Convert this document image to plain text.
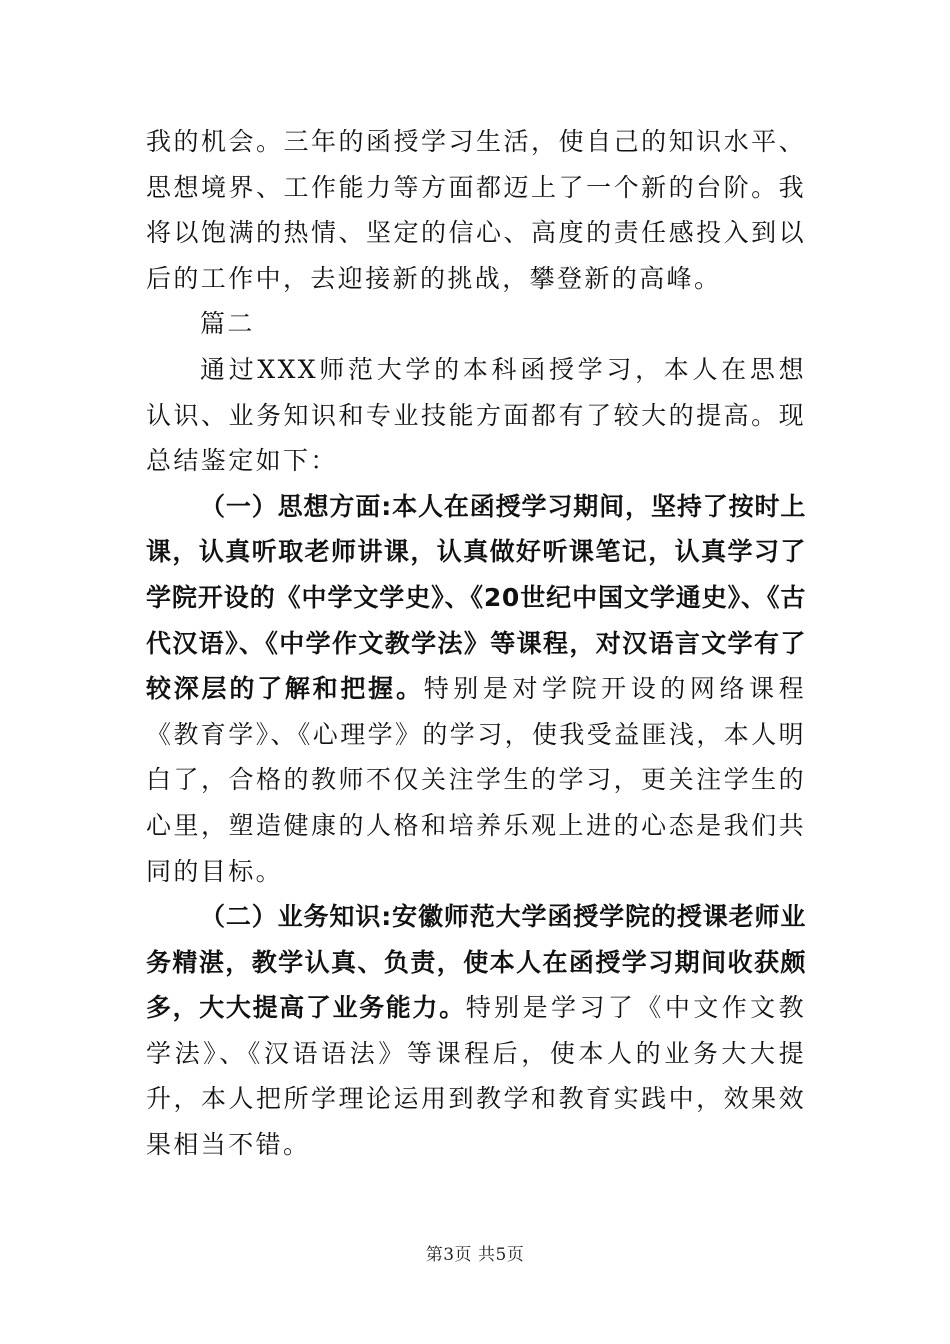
我的机会。三年的函授学习生活，使自己的知识水平、思想境界、工作能力等方面都迈上了一个新的台阶。我将以饱满的热情、坚定的信心、高度的责任感投入到以后的工作中，去迎接新的挑战，攀登新的高峰。

篇二

通过XXX师范大学的本科函授学习，本人在思想认识、业务知识和专业技能方面都有了较大的提高。现总结鉴定如下：

（一）思想方面:本人在函授学习期间，坚持了按时上课，认真听取老师讲课，认真做好听课笔记，认真学习了学院开设的《中学文学史》、《20世纪中国文学通史》、《古代汉语》、《中学作文教学法》等课程，对汉语言文学有了较深层的了解和把握。特别是对学院开设的网络课程《教育学》、《心理学》的学习，使我受益匪浅，本人明白了，合格的教师不仅关注学生的学习，更关注学生的心里，塑造健康的人格和培养乐观上进的心态是我们共同的目标。

（二）业务知识:安徽师范大学函授学院的授课老师业务精湛，教学认真、负责，使本人在函授学习期间收获颇多，大大提高了业务能力。特别是学习了《中文作文教学法》、《汉语语法》等课程后，使本人的业务大大提升，本人把所学理论运用到教学和教育实践中，效果效果相当不错。

第3页 共5页
